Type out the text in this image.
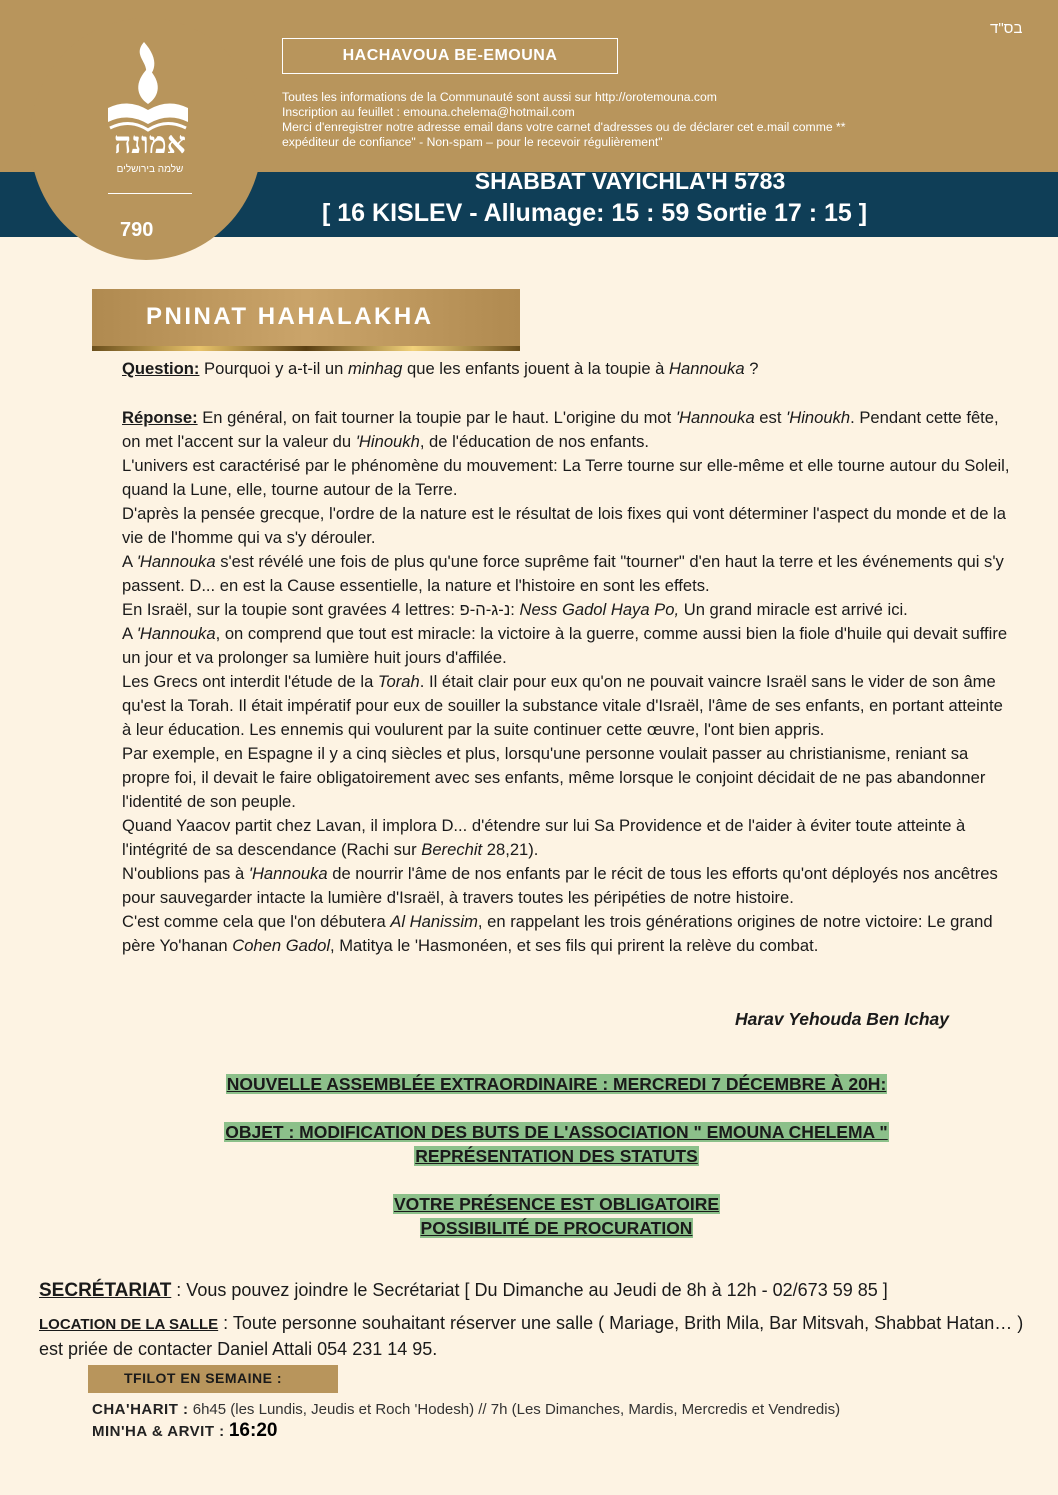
אמונה
שלמה בירושלים
בס"ד
HACHAVOUA BE-EMOUNA
Toutes les informations de la Communauté sont aussi sur http://orotemouna.com
Inscription au feuillet : emouna.chelema@hotmail.com
Merci d'enregistrer notre adresse email dans votre carnet d'adresses ou de déclarer cet e.mail comme **
expéditeur de confiance" - Non-spam – pour le recevoir régulièrement"
SHABBAT VAYICHLA'H 5783
[ 16 KISLEV - Allumage: 15 : 59 Sortie 17 : 15 ]
790
PNINAT HAHALAKHA

Question: Pourquoi y a-t-il un minhag que les enfants jouent à la toupie à Hannouka ?

Réponse: En général, on fait tourner la toupie par le haut. L'origine du mot 'Hannouka est 'Hinoukh. Pendant cette fête, on met l'accent sur la valeur du 'Hinoukh, de l'éducation de nos enfants.
L'univers est caractérisé par le phénomène du mouvement: La Terre tourne sur elle-même et elle tourne autour du Soleil, quand la Lune, elle, tourne autour de la Terre.
D'après la pensée grecque, l'ordre de la nature est le résultat de lois fixes qui vont déterminer l'aspect du monde et de la vie de l'homme qui va s'y dérouler.
A 'Hannouka s'est révélé une fois de plus qu'une force suprême fait "tourner" d'en haut la terre et les événements qui s'y passent. D... en est la Cause essentielle, la nature et l'histoire en sont les effets.
En Israël, sur la toupie sont gravées 4 lettres: נ-ג-ה-פ: Ness Gadol Haya Po, Un grand miracle est arrivé ici.
A 'Hannouka, on comprend que tout est miracle: la victoire à la guerre, comme aussi bien la fiole d'huile qui devait suffire un jour et va prolonger sa lumière huit jours d'affilée.
Les Grecs ont interdit l'étude de la Torah. Il était clair pour eux qu'on ne pouvait vaincre Israël sans le vider de son âme qu'est la Torah. Il était impératif pour eux de souiller la substance vitale d'Israël, l'âme de ses enfants, en portant atteinte à leur éducation. Les ennemis qui voulurent par la suite continuer cette œuvre, l'ont bien appris.
Par exemple, en Espagne il y a cinq siècles et plus, lorsqu'une personne voulait passer au christianisme, reniant sa propre foi, il devait le faire obligatoirement avec ses enfants, même lorsque le conjoint décidait de ne pas abandonner l'identité de son peuple.
Quand Yaacov partit chez Lavan, il implora D... d'étendre sur lui Sa Providence et de l'aider à éviter toute atteinte à l'intégrité de sa descendance (Rachi sur Berechit 28,21).
N'oublions pas à 'Hannouka de nourrir l'âme de nos enfants par le récit de tous les efforts qu'ont déployés nos ancêtres pour sauvegarder intacte la lumière d'Israël, à travers toutes les péripéties de notre histoire.
C'est comme cela que l'on débutera Al Hanissim, en rappelant les trois générations origines de notre victoire: Le grand père Yo'hanan Cohen Gadol, Matitya le 'Hasmonéen, et ses fils qui prirent la relève du combat.
Harav Yehouda Ben Ichay
NOUVELLE ASSEMBLÉE EXTRAORDINAIRE : MERCREDI 7 DÉCEMBRE À 20H:
OBJET : MODIFICATION DES BUTS DE L'ASSOCIATION " EMOUNA CHELEMA "
REPRÉSENTATION DES STATUTS
VOTRE PRÉSENCE EST OBLIGATOIRE
POSSIBILITÉ DE PROCURATION
SECRÉTARIAT : Vous pouvez joindre le Secrétariat [ Du Dimanche au Jeudi de 8h à 12h - 02/673 59 85 ]
LOCATION DE LA SALLE : Toute personne souhaitant réserver une salle ( Mariage, Brith Mila, Bar Mitsvah, Shabbat Hatan… ) est priée de contacter Daniel Attali 054 231 14 95.
TFILOT EN SEMAINE :
CHA'HARIT : 6h45 (les Lundis, Jeudis et Roch 'Hodesh) // 7h (Les Dimanches, Mardis, Mercredis et Vendredis)
MIN'HA & ARVIT : 16:20
